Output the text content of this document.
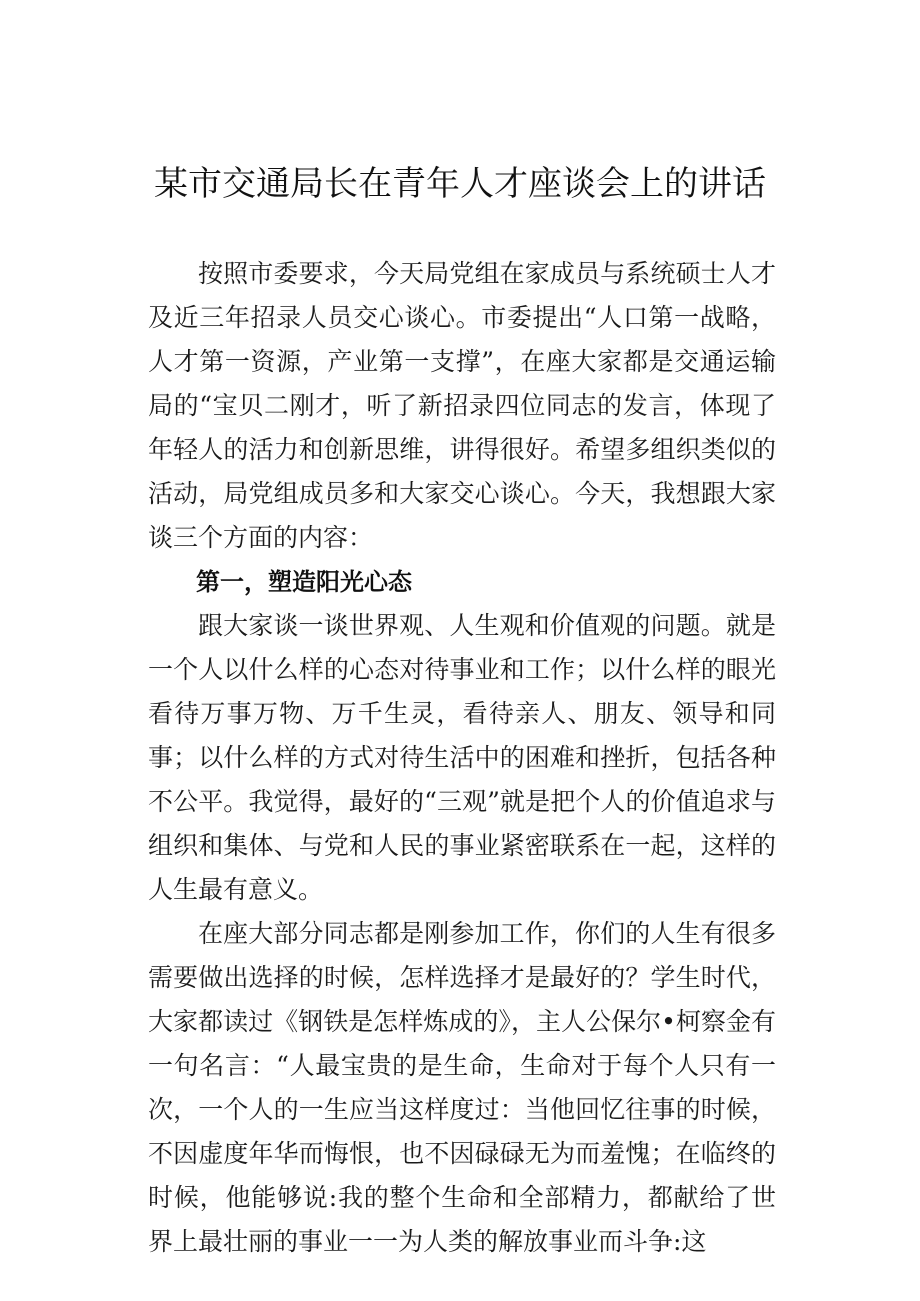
某市交通局长在青年人才座谈会上的讲话

按照市委要求，今天局党组在家成员与系统硕士人才及近三年招录人员交心谈心。市委提出“人口第一战略，人才第一资源，产业第一支撑”，在座大家都是交通运输局的“宝贝二刚才，听了新招录四位同志的发言，体现了年轻人的活力和创新思维，讲得很好。希望多组织类似的活动，局党组成员多和大家交心谈心。今天，我想跟大家谈三个方面的内容：

第一，塑造阳光心态

跟大家谈一谈世界观、人生观和价值观的问题。就是一个人以什么样的心态对待事业和工作；以什么样的眼光看待万事万物、万千生灵，看待亲人、朋友、领导和同事；以什么样的方式对待生活中的困难和挫折，包括各种不公平。我觉得，最好的“三观”就是把个人的价值追求与组织和集体、与党和人民的事业紧密联系在一起，这样的人生最有意义。

在座大部分同志都是刚参加工作，你们的人生有很多需要做出选择的时候，怎样选择才是最好的？学生时代，大家都读过《钢铁是怎样炼成的》，主人公保尔•柯察金有一句名言：“人最宝贵的是生命，生命对于每个人只有一次，一个人的一生应当这样度过：当他回忆往事的时候，不因虚度年华而悔恨，也不因碌碌无为而羞愧；在临终的时候，他能够说:我的整个生命和全部精力，都献给了世界上最壮丽的事业一一为人类的解放事业而斗争:这
